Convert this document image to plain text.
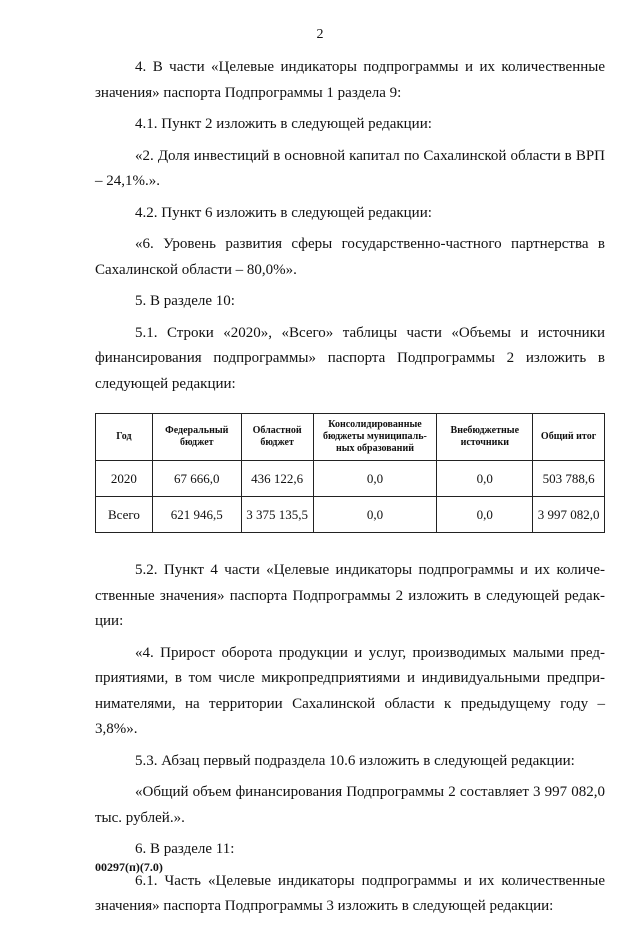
2

4. В части «Целевые индикаторы подпрограммы и их количественные значения» паспорта Подпрограммы 1 раздела 9:

4.1. Пункт 2 изложить в следующей редакции:

«2. Доля инвестиций в основной капитал по Сахалинской области в ВРП – 24,1%.».

4.2. Пункт 6 изложить в следующей редакции:

«6. Уровень развития сферы государственно-частного партнерства в Сахалинской области – 80,0%».

5. В разделе 10:

5.1. Строки «2020», «Всего» таблицы части «Объемы и источники финансирования подпрограммы» паспорта Подпрограммы 2 изложить в следующей редакции:

Год	Федеральный бюджет	Областной бюджет	Консолидированные бюджеты муниципаль-ных образований	Внебюджетные источники	Общий итог
2020	67 666,0	436 122,6	0,0	0,0	503 788,6
Всего	621 946,5	3 375 135,5	0,0	0,0	3 997 082,0

5.2. Пункт 4 части «Целевые индикаторы подпрограммы и их количе-ственные значения» паспорта Подпрограммы 2 изложить в следующей редак-ции:

«4. Прирост оборота продукции и услуг, производимых малыми пред-приятиями, в том числе микропредприятиями и индивидуальными предпри-нимателями, на территории Сахалинской области к предыдущему году – 3,8%».

5.3. Абзац первый подраздела 10.6 изложить в следующей редакции:

«Общий объем финансирования Подпрограммы 2 составляет 3 997 082,0 тыс. рублей.».

6. В разделе 11:

6.1. Часть «Целевые индикаторы подпрограммы и их количественные значения» паспорта Подпрограммы 3 изложить в следующей редакции:

00297(п)(7.0)
